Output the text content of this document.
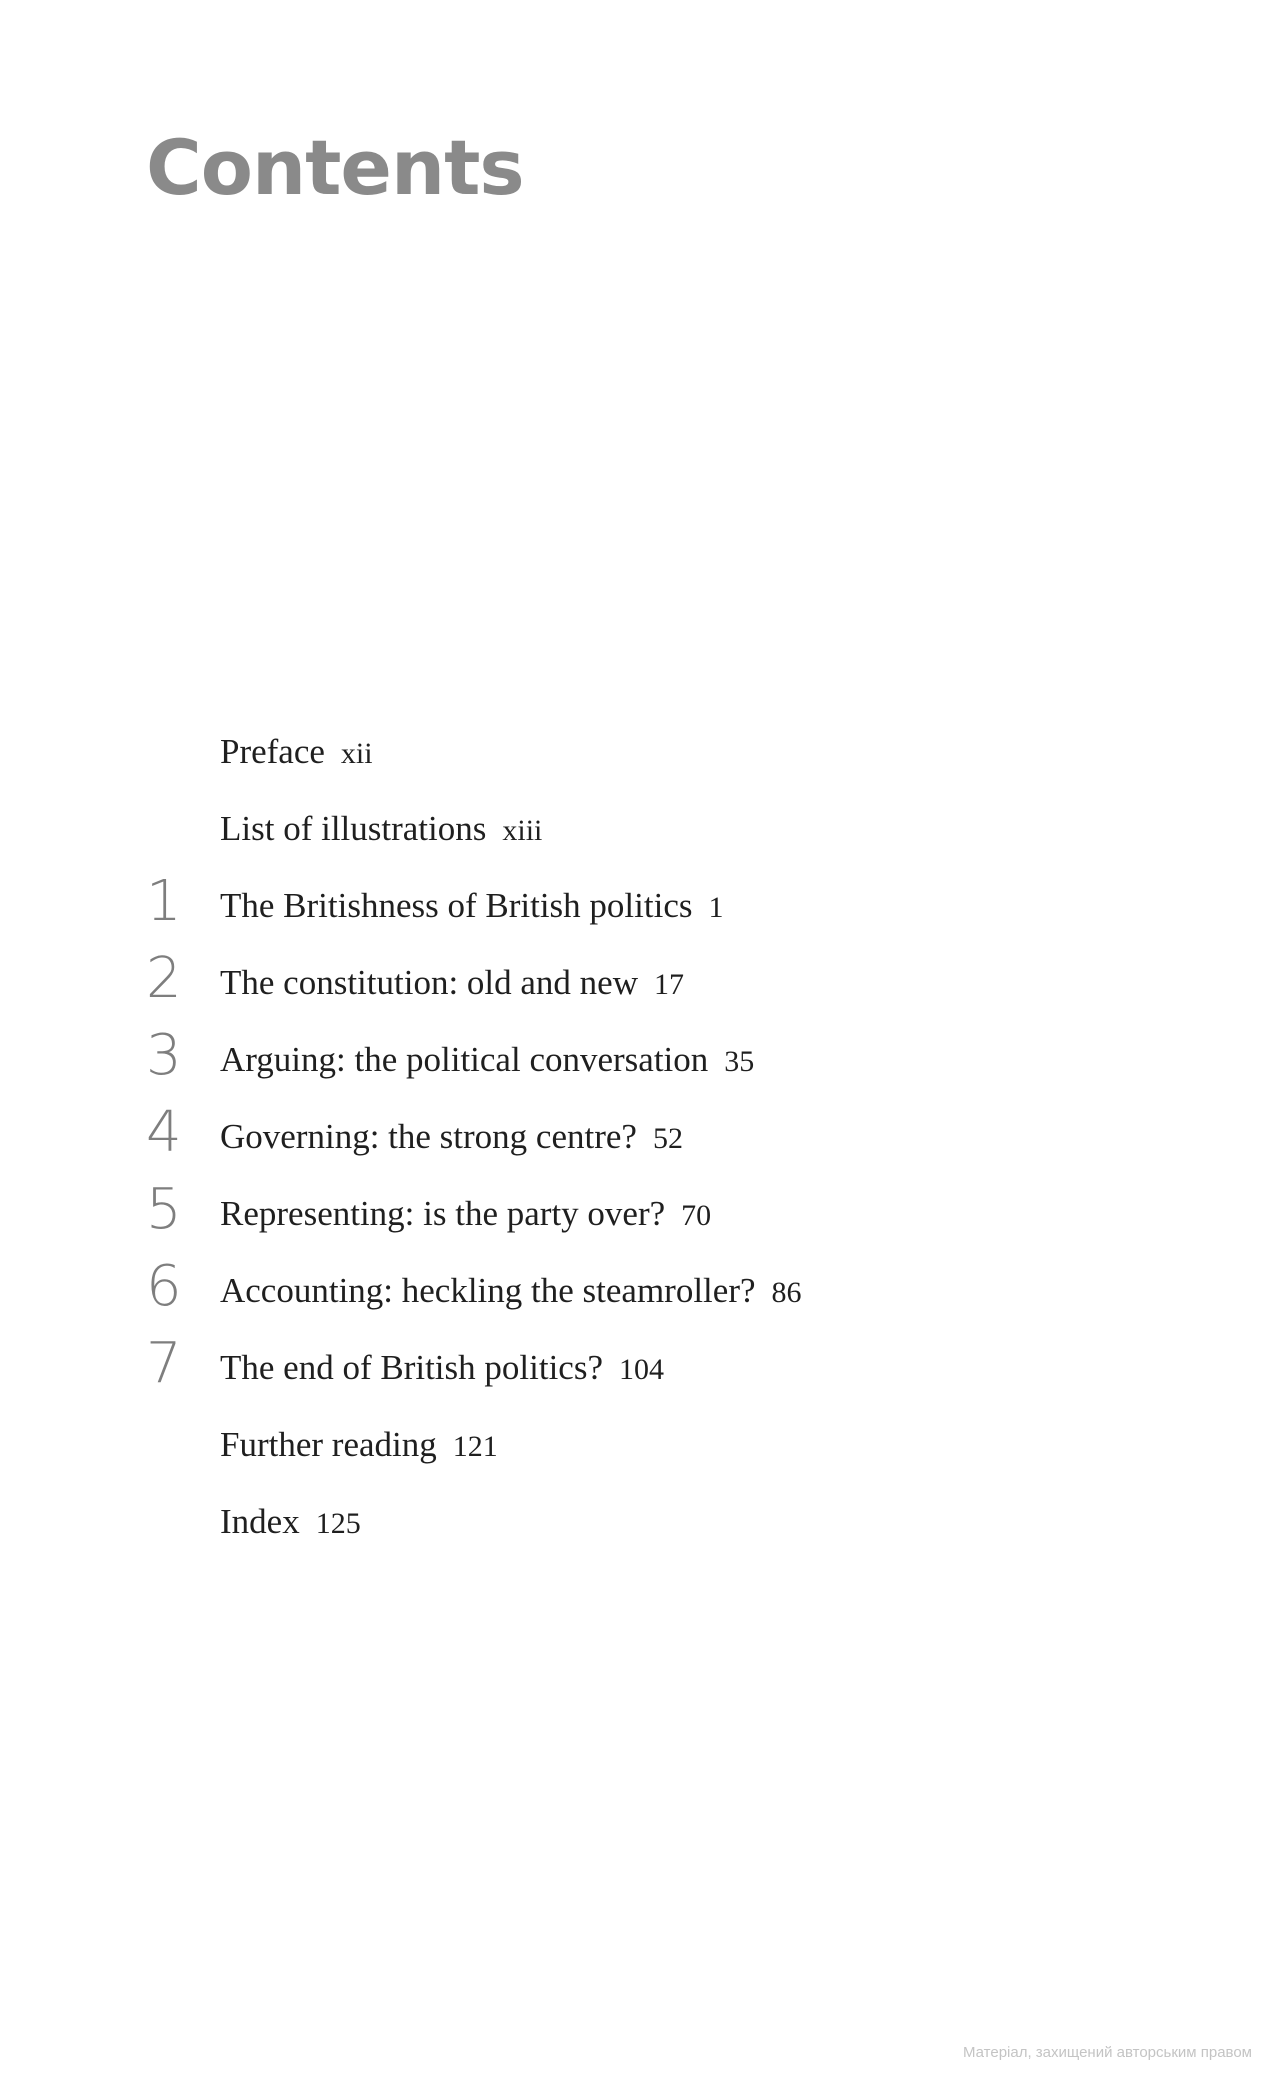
Contents
Preface xii
List of illustrations xiii
1	The Britishness of British politics 1
2	The constitution: old and new 17
3	Arguing: the political conversation 35
4	Governing: the strong centre? 52
5	Representing: is the party over? 70
6	Accounting: heckling the steamroller? 86
7	The end of British politics? 104
Further reading 121
Index 125
Матеріал, захищений авторським правом
